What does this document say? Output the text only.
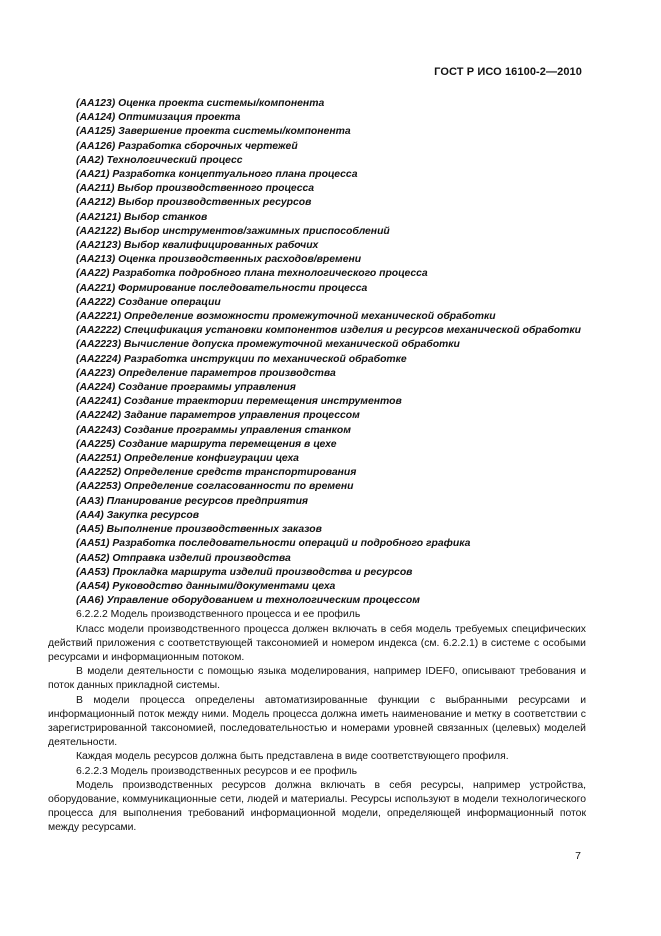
ГОСТ Р ИСО 16100-2—2010
(АА123) Оценка проекта системы/компонента
(АА124) Оптимизация проекта
(АА125) Завершение проекта системы/компонента
(АА126) Разработка сборочных чертежей
(АА2) Технологический процесс
(АА21) Разработка концептуального плана процесса
(АА211) Выбор производственного процесса
(АА212) Выбор производственных ресурсов
(АА2121) Выбор станков
(АА2122) Выбор инструментов/зажимных приспособлений
(АА2123) Выбор квалифицированных рабочих
(АА213) Оценка производственных расходов/времени
(АА22) Разработка подробного плана технологического процесса
(АА221) Формирование последовательности процесса
(АА222) Создание операции
(АА2221) Определение возможности промежуточной механической обработки
(АА2222) Спецификация установки компонентов изделия и ресурсов механической обработки
(АА2223) Вычисление допуска промежуточной механической обработки
(АА2224) Разработка инструкции по механической обработке
(АА223) Определение параметров производства
(АА224) Создание программы управления
(АА2241) Создание траектории перемещения инструментов
(АА2242) Задание параметров управления процессом
(АА2243) Создание программы управления станком
(АА225) Создание маршрута перемещения в цехе
(АА2251) Определение конфигурации цеха
(АА2252) Определение средств транспортирования
(АА2253) Определение согласованности по времени
(АА3) Планирование ресурсов предприятия
(АА4) Закупка ресурсов
(АА5) Выполнение производственных заказов
(АА51) Разработка последовательности операций и подробного графика
(АА52) Отправка изделий производства
(АА53) Прокладка маршрута изделий производства и ресурсов
(АА54) Руководство данными/документами цеха
(АА6) Управление оборудованием и технологическим процессом
6.2.2.2 Модель производственного процесса и ее профиль
Класс модели производственного процесса должен включать в себя модель требуемых специфических действий приложения с соответствующей таксономией и номером индекса (см. 6.2.2.1) в системе с особыми ресурсами и информационным потоком.
В модели деятельности с помощью языка моделирования, например IDEF0, описывают требования и поток данных прикладной системы.
В модели процесса определены автоматизированные функции с выбранными ресурсами и информационный поток между ними. Модель процесса должна иметь наименование и метку в соответствии с зарегистрированной таксономией, последовательностью и номерами уровней связанных (целевых) моделей деятельности.
Каждая модель ресурсов должна быть представлена в виде соответствующего профиля.
6.2.2.3 Модель производственных ресурсов и ее профиль
Модель производственных ресурсов должна включать в себя ресурсы, например устройства, оборудование, коммуникационные сети, людей и материалы. Ресурсы используют в модели технологического процесса для выполнения требований информационной модели, определяющей информационный поток между ресурсами.
7
